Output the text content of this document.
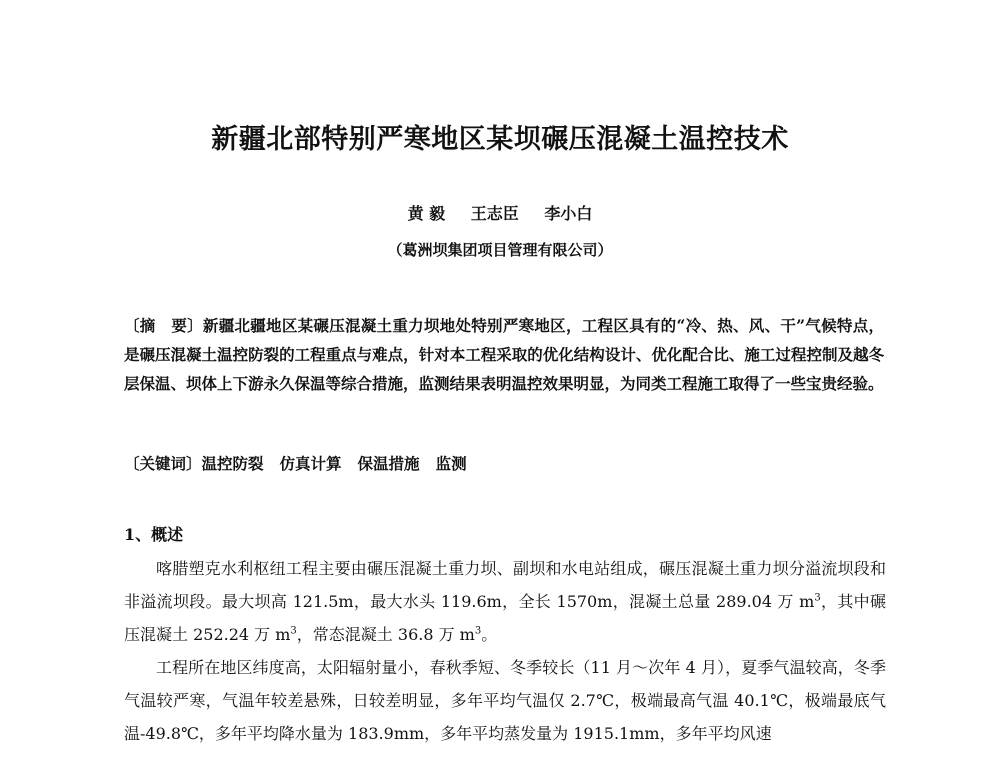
新疆北部特别严寒地区某坝碾压混凝土温控技术
黄 毅 王志臣 李小白
（葛洲坝集团项目管理有限公司）
〔摘　要〕新疆北疆地区某碾压混凝土重力坝地处特别严寒地区，工程区具有的“冷、热、风、干”气候特点，是碾压混凝土温控防裂的工程重点与难点，针对本工程采取的优化结构设计、优化配合比、施工过程控制及越冬层保温、坝体上下游永久保温等综合措施，监测结果表明温控效果明显，为同类工程施工取得了一些宝贵经验。
〔关键词〕温控防裂 仿真计算 保温措施 监测
1、概述

喀腊塑克水利枢纽工程主要由碾压混凝土重力坝、副坝和水电站组成，碾压混凝土重力坝分溢流坝段和非溢流坝段。最大坝高 121.5m，最大水头 119.6m，全长 1570m，混凝土总量 289.04 万 $m^3$，其中碾压混凝土 252.24 万 $m^3$，常态混凝土 36.8 万 $m^3$。

工程所在地区纬度高，太阳辐射量小，春秋季短、冬季较长（11 月～次年 4 月），夏季气温较高，冬季气温较严寒，气温年较差悬殊，日较差明显，多年平均气温仅 2.7℃，极端最高气温 40.1℃，极端最底气温-49.8℃，多年平均降水量为 183.9mm，多年平均蒸发量为 1915.1mm，多年平均风速
